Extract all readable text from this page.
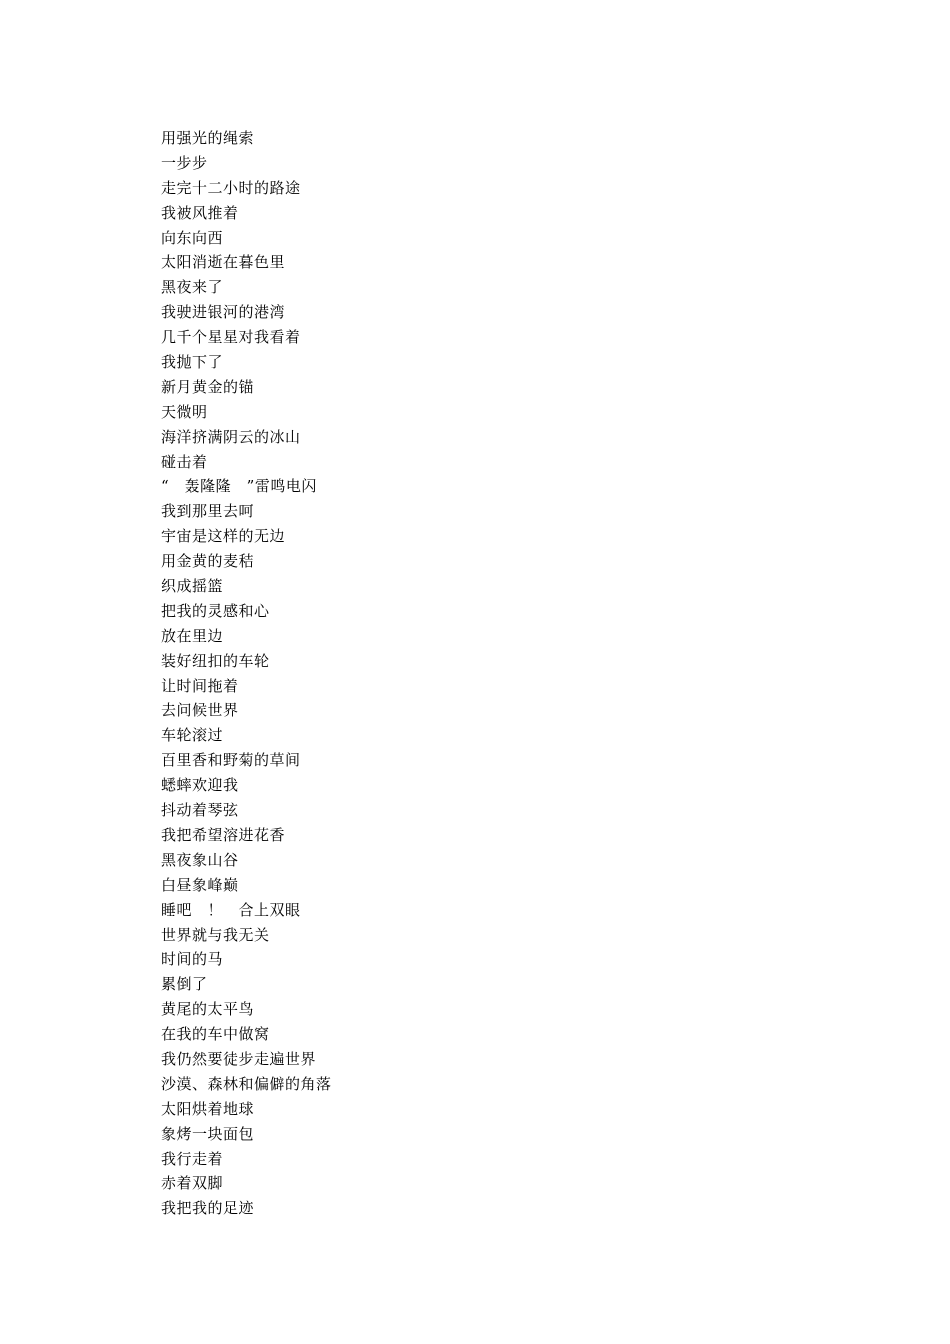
用强光的绳索
一步步
走完十二小时的路途
我被风推着
向东向西
太阳消逝在暮色里
黑夜来了
我驶进银河的港湾
几千个星星对我看着
我抛下了
新月黄金的锚
天微明
海洋挤满阴云的冰山
碰击着
“　轰隆隆　”雷鸣电闪
我到那里去呵
宇宙是这样的无边
用金黄的麦秸
织成摇篮
把我的灵感和心
放在里边
装好纽扣的车轮
让时间拖着
去问候世界
车轮滚过
百里香和野菊的草间
蟋蟀欢迎我
抖动着琴弦
我把希望溶进花香
黑夜象山谷
白昼象峰巅
睡吧　！　合上双眼
世界就与我无关
时间的马
累倒了
黄尾的太平鸟
在我的车中做窝
我仍然要徒步走遍世界
沙漠、森林和偏僻的角落
太阳烘着地球
象烤一块面包
我行走着
赤着双脚
我把我的足迹
